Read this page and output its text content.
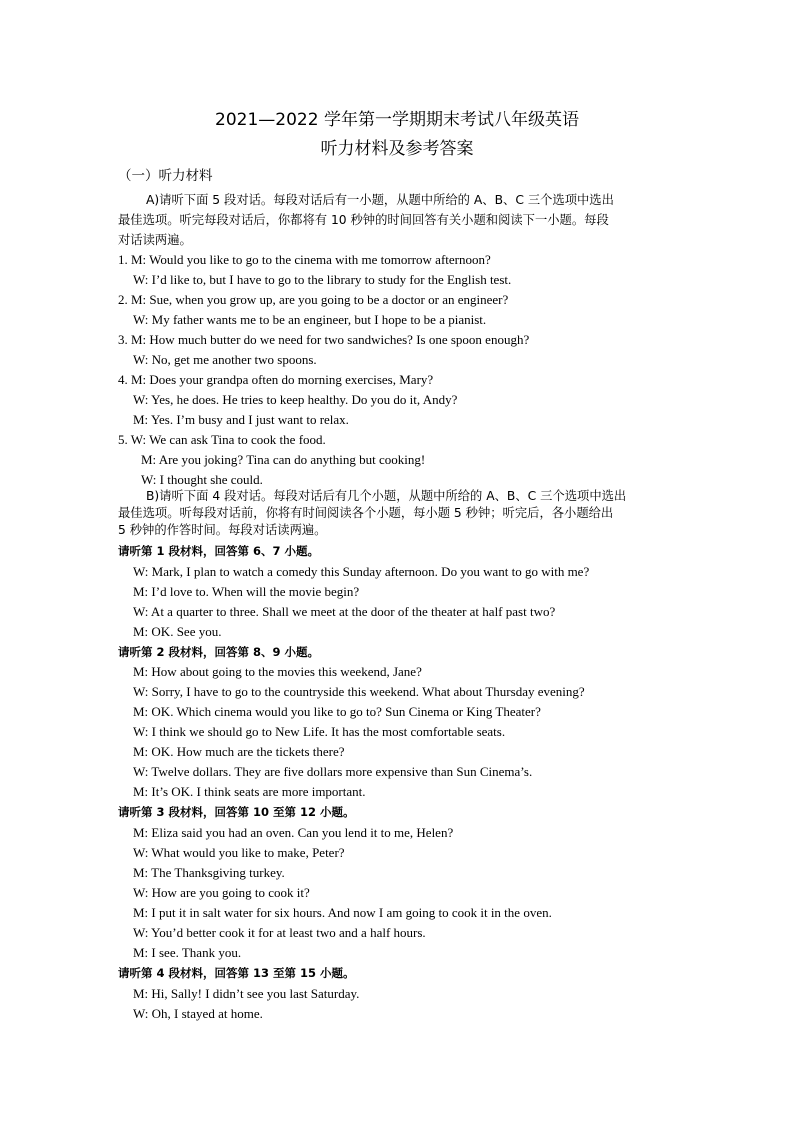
2021—2022 学年第一学期期末考试八年级英语
听力材料及参考答案
（一）听力材料
A)请听下面 5 段对话。每段对话后有一小题，从题中所给的 A、B、C 三个选项中选出
最佳选项。听完每段对话后，你都将有 10 秒钟的时间回答有关小题和阅读下一小题。每段
对话读两遍。
1. M: Would you like to go to the cinema with me tomorrow afternoon?
W: I’d like to, but I have to go to the library to study for the English test.
2. M: Sue, when you grow up, are you going to be a doctor or an engineer?
W: My father wants me to be an engineer, but I hope to be a pianist.
3. M: How much butter do we need for two sandwiches? Is one spoon enough?
W: No, get me another two spoons.
4. M: Does your grandpa often do morning exercises, Mary?
W: Yes, he does. He tries to keep healthy. Do you do it, Andy?
M: Yes. I’m busy and I just want to relax.
5. W: We can ask Tina to cook the food.
M: Are you joking? Tina can do anything but cooking!
W: I thought she could.
B)请听下面 4 段对话。每段对话后有几个小题，从题中所给的 A、B、C 三个选项中选出
最佳选项。听每段对话前，你将有时间阅读各个小题，每小题 5 秒钟；听完后，各小题给出
5 秒钟的作答时间。每段对话读两遍。
请听第 1 段材料，回答第 6、7 小题。
W: Mark, I plan to watch a comedy this Sunday afternoon. Do you want to go with me?
M: I’d love to. When will the movie begin?
W: At a quarter to three. Shall we meet at the door of the theater at half past two?
M: OK. See you.
请听第 2 段材料，回答第 8、9 小题。
M: How about going to the movies this weekend, Jane?
W: Sorry, I have to go to the countryside this weekend. What about Thursday evening?
M: OK. Which cinema would you like to go to? Sun Cinema or King Theater?
W: I think we should go to New Life. It has the most comfortable seats.
M: OK. How much are the tickets there?
W: Twelve dollars. They are five dollars more expensive than Sun Cinema’s.
M: It’s OK. I think seats are more important.
请听第 3 段材料，回答第 10 至第 12 小题。
M: Eliza said you had an oven. Can you lend it to me, Helen?
W: What would you like to make, Peter?
M: The Thanksgiving turkey.
W: How are you going to cook it?
M: I put it in salt water for six hours. And now I am going to cook it in the oven.
W: You’d better cook it for at least two and a half hours.
M: I see. Thank you.
请听第 4 段材料，回答第 13 至第 15 小题。
M: Hi, Sally! I didn’t see you last Saturday.
W: Oh, I stayed at home.
